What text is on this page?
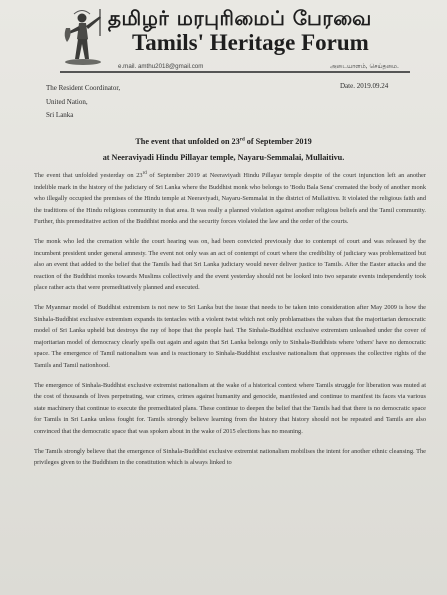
தமிழர் மரபுரிமைப் பேரவை
Tamils' Heritage Forum
e.mail. amthu2018@gmail.com	அடையாளம், செய்தமை.
The Resident Coordinator,
United Nation,
Sri Lanka
Date. 2019.09.24
The event that unfolded on 23rd of September 2019
at Neeraviyadi Hindu Pillayar temple, Nayaru-Semmalai, Mullaitivu.

The event that unfolded yesterday on 23rd of September 2019 at Neeraviyadi Hindu Pillayar temple despite of the court injunction left an another indelible mark in the history of the judiciary of Sri Lanka where the Buddhist monk who belongs to 'Bodu Bala Sena' cremated the body of another monk who illegally occupied the premises of the Hindu temple at Neeraviyadi, Nayaru-Semmalai in the district of Mullaitivu. It violated the religious faith and the traditions of the Hindu religious community in that area. It was really a planned violation against another religious beliefs and the Tamil community. Further, this premeditative action of the Buddhist monks and the security forces violated the law and the order of the courts.

The monk who led the cremation while the court hearing was on, had been convicted previously due to contempt of court and was released by the incumbent president under general amnesty. The event not only was an act of contempt of court where the credibility of judiciary was problematized but also an event that added to the belief that the Tamils had that Sri Lanka judiciary would never deliver justice to Tamils. After the Easter attacks and the reaction of the Buddhist monks towards Muslims collectively and the event yesterday should not be looked into two separate events independently took place rather acts that were premeditatively planned and executed.

The Myanmar model of Buddhist extremism is not new to Sri Lanka but the issue that needs to be taken into consideration after May 2009 is how the Sinhala-Buddhist exclusive extremism expands its tentacles with a violent twist which not only problamatises the values that the majoritarian democratic model of Sri Lanka upheld but destroys the ray of hope that the people had. The Sinhala-Buddhist exclusive extremism unleashed under the cover of majoritarian model of democracy clearly spells out again and again that Sri Lanka belongs only to Sinhala-Buddhists where 'others' have no democratic space. The emergence of Tamil nationalism was and is reactionary to Sinhala-Buddhist exclusive nationalism that oppresses the collective rights of the Tamils and Tamil nationhood.

The emergence of Sinhala-Buddhist exclusive extremist nationalism at the wake of a historical context where Tamils struggle for liberation was muted at the cost of thousands of lives perpetrating, war crimes, crimes against humanity and genocide, manifested and continue to manifest its faces via various state machinery that continue to execute the premeditated plans. These continue to deepen the belief that the Tamils had that there is no democratic space for Tamils in Sri Lanka unless fought for. Tamils strongly believe learning from the history that history should not be repeated and Tamils are also convinced that the democratic space that was spoken about in the wake of 2015 elections has no meaning.

The Tamils strongly believe that the emergence of Sinhala-Buddhist exclusive extremist nationalism mobilises the intent for another ethnic cleansing. The privileges given to the Buddhism in the constitution which is always linked to
